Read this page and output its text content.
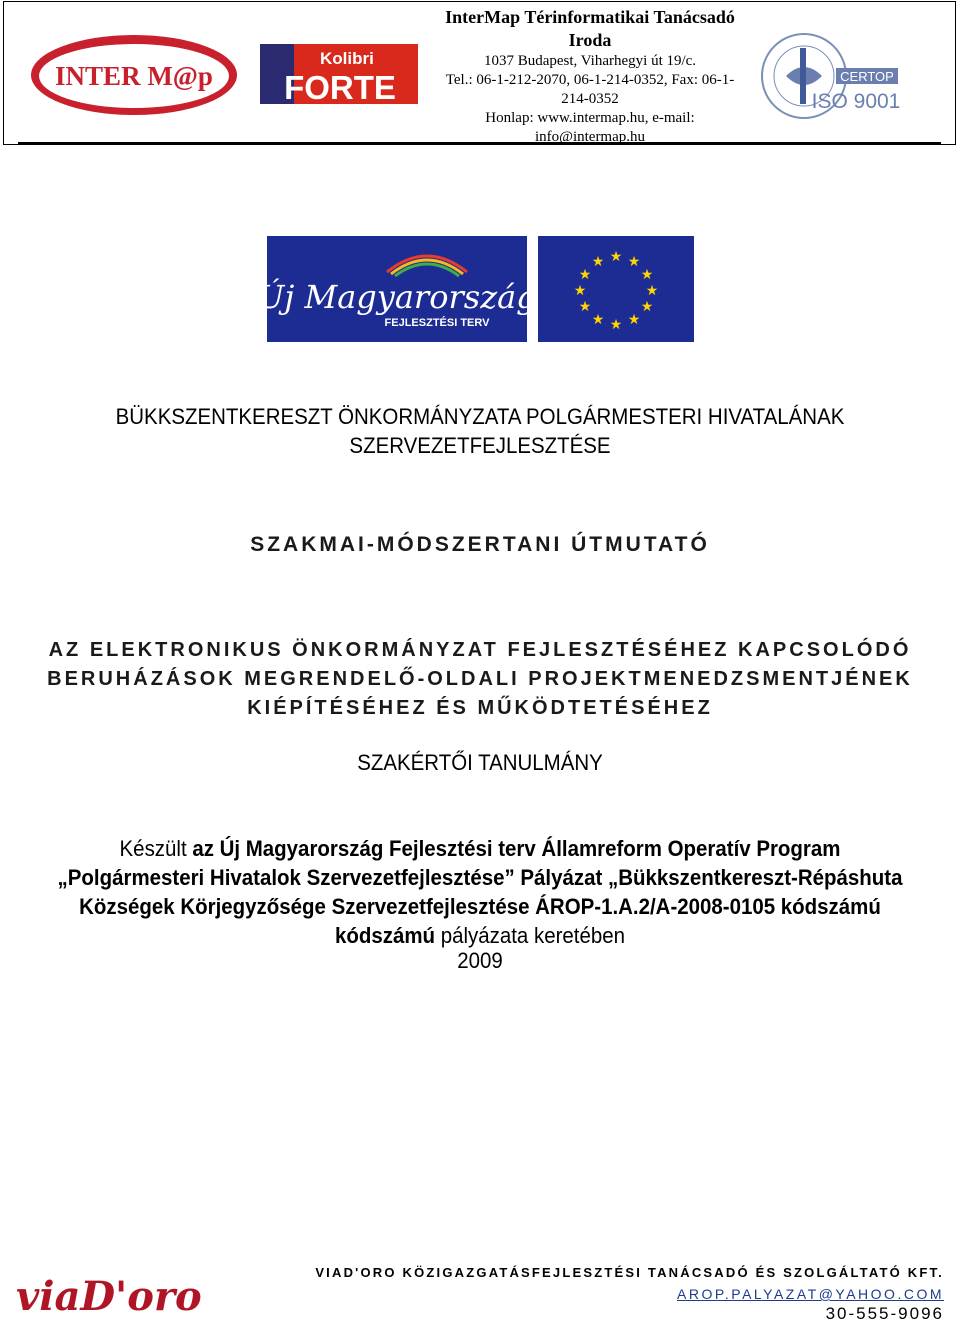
INTER M@p
Kolibri
FORTE
InterMap Térinformatikai Tanácsadó Iroda
1037 Budapest, Viharhegyi út 19/c.
Tel.: 06-1-212-2070, 06-1-214-0352, Fax: 06-1-214-0352
Honlap: www.intermap.hu, e-mail: info@intermap.hu
CERTOP
ISO 9001
Új Magyarország
FEJLESZTÉSI TERV
★ ★
★
★
★
★
★
★
★
★
★
★
BÜKKSZENTKERESZT ÖNKORMÁNYZATA POLGÁRMESTERI HIVATALÁNAK SZERVEZETFEJLESZTÉSE
SZAKMAI-MÓDSZERTANI ÚTMUTATÓ
AZ ELEKTRONIKUS ÖNKORMÁNYZAT FEJLESZTÉSÉHEZ KAPCSOLÓDÓ BERUHÁZÁSOK MEGRENDELŐ-OLDALI PROJEKTMENEDZSMENTJÉNEK KIÉPÍTÉSÉHEZ ÉS MŰKÖDTETÉSÉHEZ
SZAKÉRTŐI TANULMÁNY
Készült az Új Magyarország Fejlesztési terv Államreform Operatív Program „Polgármesteri Hivatalok Szervezetfejlesztése” Pályázat „Bükkszentkereszt-Répáshuta Községek Körjegyzősége Szervezetfejlesztése ÁROP-1.A.2/A-2008-0105 kódszámú kódszámú pályázata keretében
2009
viaD'oro
VIAD'ORO KÖZIGAZGATÁSFEJLESZTÉSI TANÁCSADÓ ÉS SZOLGÁLTATÓ KFT.
AROP.PALYAZAT@YAHOO.COM
30-555-9096
